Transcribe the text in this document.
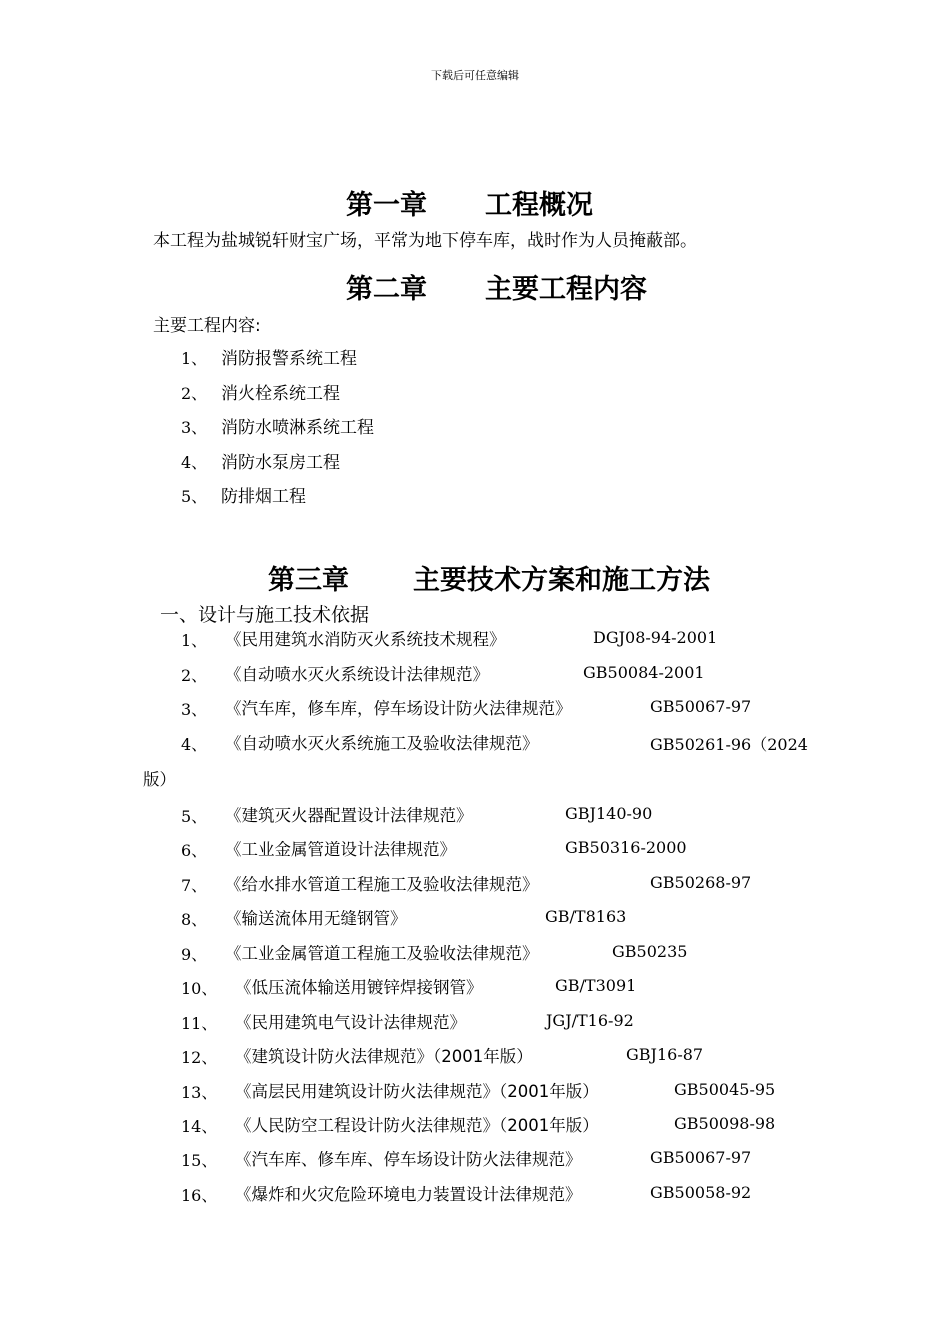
下载后可任意编辑
第一章 工程概况
本工程为盐城锐轩财宝广场，平常为地下停车库，战时作为人员掩蔽部。
第二章 主要工程内容
主要工程内容:
1、 消防报警系统工程
2、 消火栓系统工程
3、 消防水喷淋系统工程
4、 消防水泵房工程
5、 防排烟工程
第三章 主要技术方案和施工方法
一、设计与施工技术依据
1、 《民用建筑水消防灭火系统技术规程》	DGJ08-94-2001
2、 《自动喷水灭火系统设计法律规范》	GB50084-2001
3、 《汽车库，修车库，停车场设计防火法律规范》	GB50067-97
4、 《自动喷水灭火系统施工及验收法律规范》	GB50261-96（2024
版）
5、 《建筑灭火器配置设计法律规范》	GBJ140-90
6、 《工业金属管道设计法律规范》	GB50316-2000
7、 《给水排水管道工程施工及验收法律规范》	GB50268-97
8、 《输送流体用无缝钢管》	GB/T8163
9、 《工业金属管道工程施工及验收法律规范》	GB50235
10、 《低压流体输送用镀锌焊接钢管》	GB/T3091
11、 《民用建筑电气设计法律规范》	JGJ/T16-92
12、 《建筑设计防火法律规范》（2001年版）	GBJ16-87
13、 《高层民用建筑设计防火法律规范》（2001年版）	GB50045-95
14、 《人民防空工程设计防火法律规范》（2001年版）	GB50098-98
15、 《汽车库、修车库、停车场设计防火法律规范》	GB50067-97
16、 《爆炸和火灾危险环境电力装置设计法律规范》	GB50058-92
